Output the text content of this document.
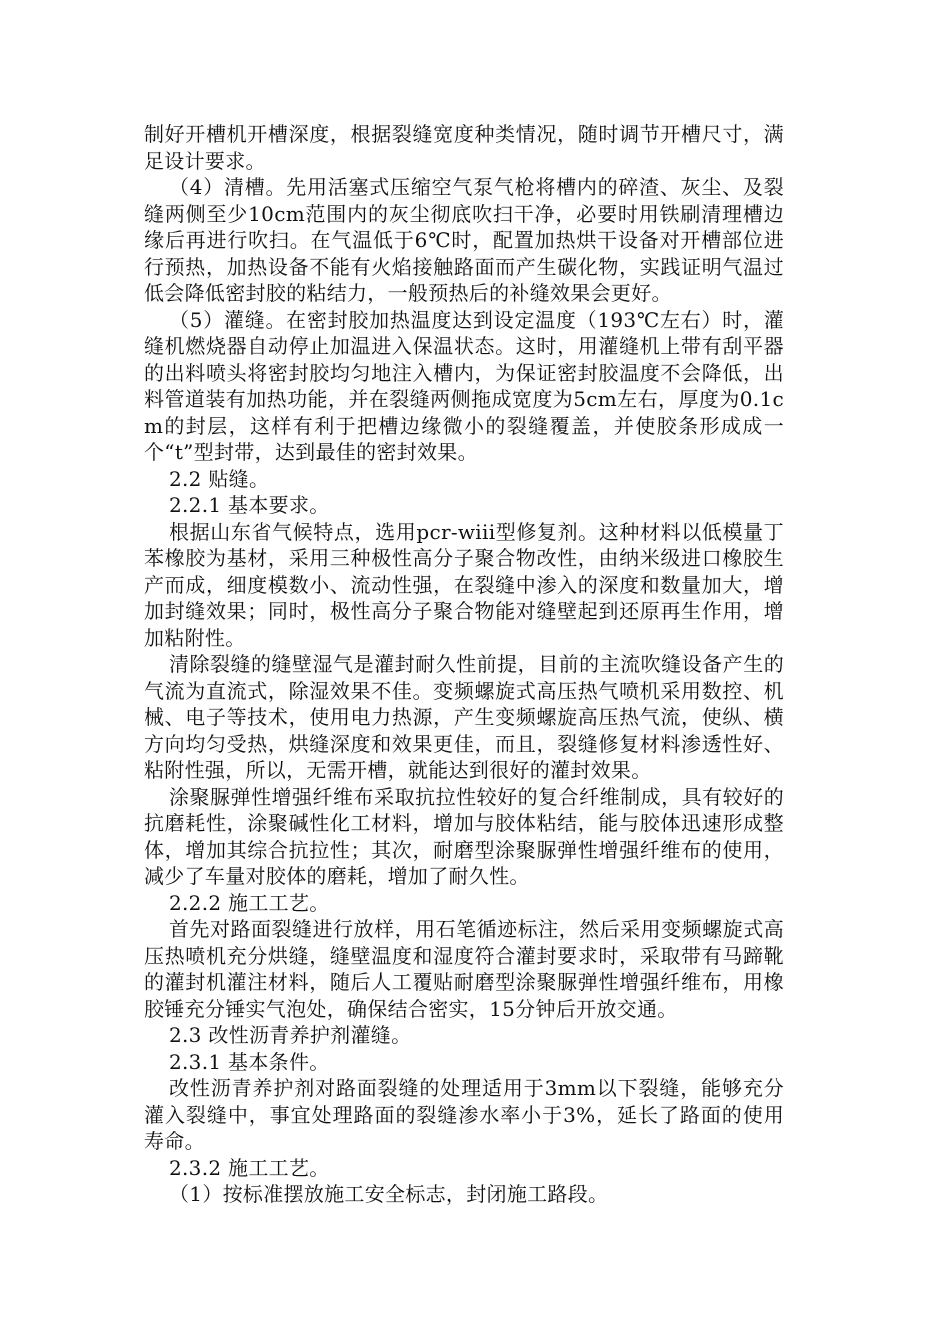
制好开槽机开槽深度，根据裂缝宽度种类情况，随时调节开槽尺寸，满足设计要求。

（4）清槽。先用活塞式压缩空气泵气枪将槽内的碎渣、灰尘、及裂缝两侧至少10cm范围内的灰尘彻底吹扫干净，必要时用铁刷清理槽边缘后再进行吹扫。在气温低于6℃时，配置加热烘干设备对开槽部位进行预热，加热设备不能有火焰接触路面而产生碳化物，实践证明气温过低会降低密封胶的粘结力，一般预热后的补缝效果会更好。

（5）灌缝。在密封胶加热温度达到设定温度（193℃左右）时，灌缝机燃烧器自动停止加温进入保温状态。这时，用灌缝机上带有刮平器的出料喷头将密封胶均匀地注入槽内，为保证密封胶温度不会降低，出料管道装有加热功能，并在裂缝两侧拖成宽度为5cm左右，厚度为0.1cm的封层，这样有利于把槽边缘微小的裂缝覆盖，并使胶条形成成一个“t”型封带，达到最佳的密封效果。

2.2 贴缝。

2.2.1 基本要求。

根据山东省气候特点，选用pcr-wiii型修复剂。这种材料以低模量丁苯橡胶为基材，采用三种极性高分子聚合物改性，由纳米级进口橡胶生产而成，细度模数小、流动性强，在裂缝中渗入的深度和数量加大，增加封缝效果；同时，极性高分子聚合物能对缝壁起到还原再生作用，增加粘附性。

清除裂缝的缝壁湿气是灌封耐久性前提，目前的主流吹缝设备产生的气流为直流式，除湿效果不佳。变频螺旋式高压热气喷机采用数控、机械、电子等技术，使用电力热源，产生变频螺旋高压热气流，使纵、横方向均匀受热，烘缝深度和效果更佳，而且，裂缝修复材料渗透性好、粘附性强，所以，无需开槽，就能达到很好的灌封效果。

涂聚脲弹性增强纤维布采取抗拉性较好的复合纤维制成，具有较好的抗磨耗性，涂聚碱性化工材料，增加与胶体粘结，能与胶体迅速形成整体，增加其综合抗拉性；其次，耐磨型涂聚脲弹性增强纤维布的使用，减少了车量对胶体的磨耗，增加了耐久性。

2.2.2 施工工艺。

首先对路面裂缝进行放样，用石笔循迹标注，然后采用变频螺旋式高压热喷机充分烘缝，缝壁温度和湿度符合灌封要求时，采取带有马蹄靴的灌封机灌注材料，随后人工覆贴耐磨型涂聚脲弹性增强纤维布，用橡胶锤充分锤实气泡处，确保结合密实，15分钟后开放交通。

2.3 改性沥青养护剂灌缝。

2.3.1 基本条件。

改性沥青养护剂对路面裂缝的处理适用于3mm以下裂缝，能够充分灌入裂缝中，事宜处理路面的裂缝渗水率小于3%，延长了路面的使用寿命。

2.3.2 施工工艺。

（1）按标准摆放施工安全标志，封闭施工路段。
